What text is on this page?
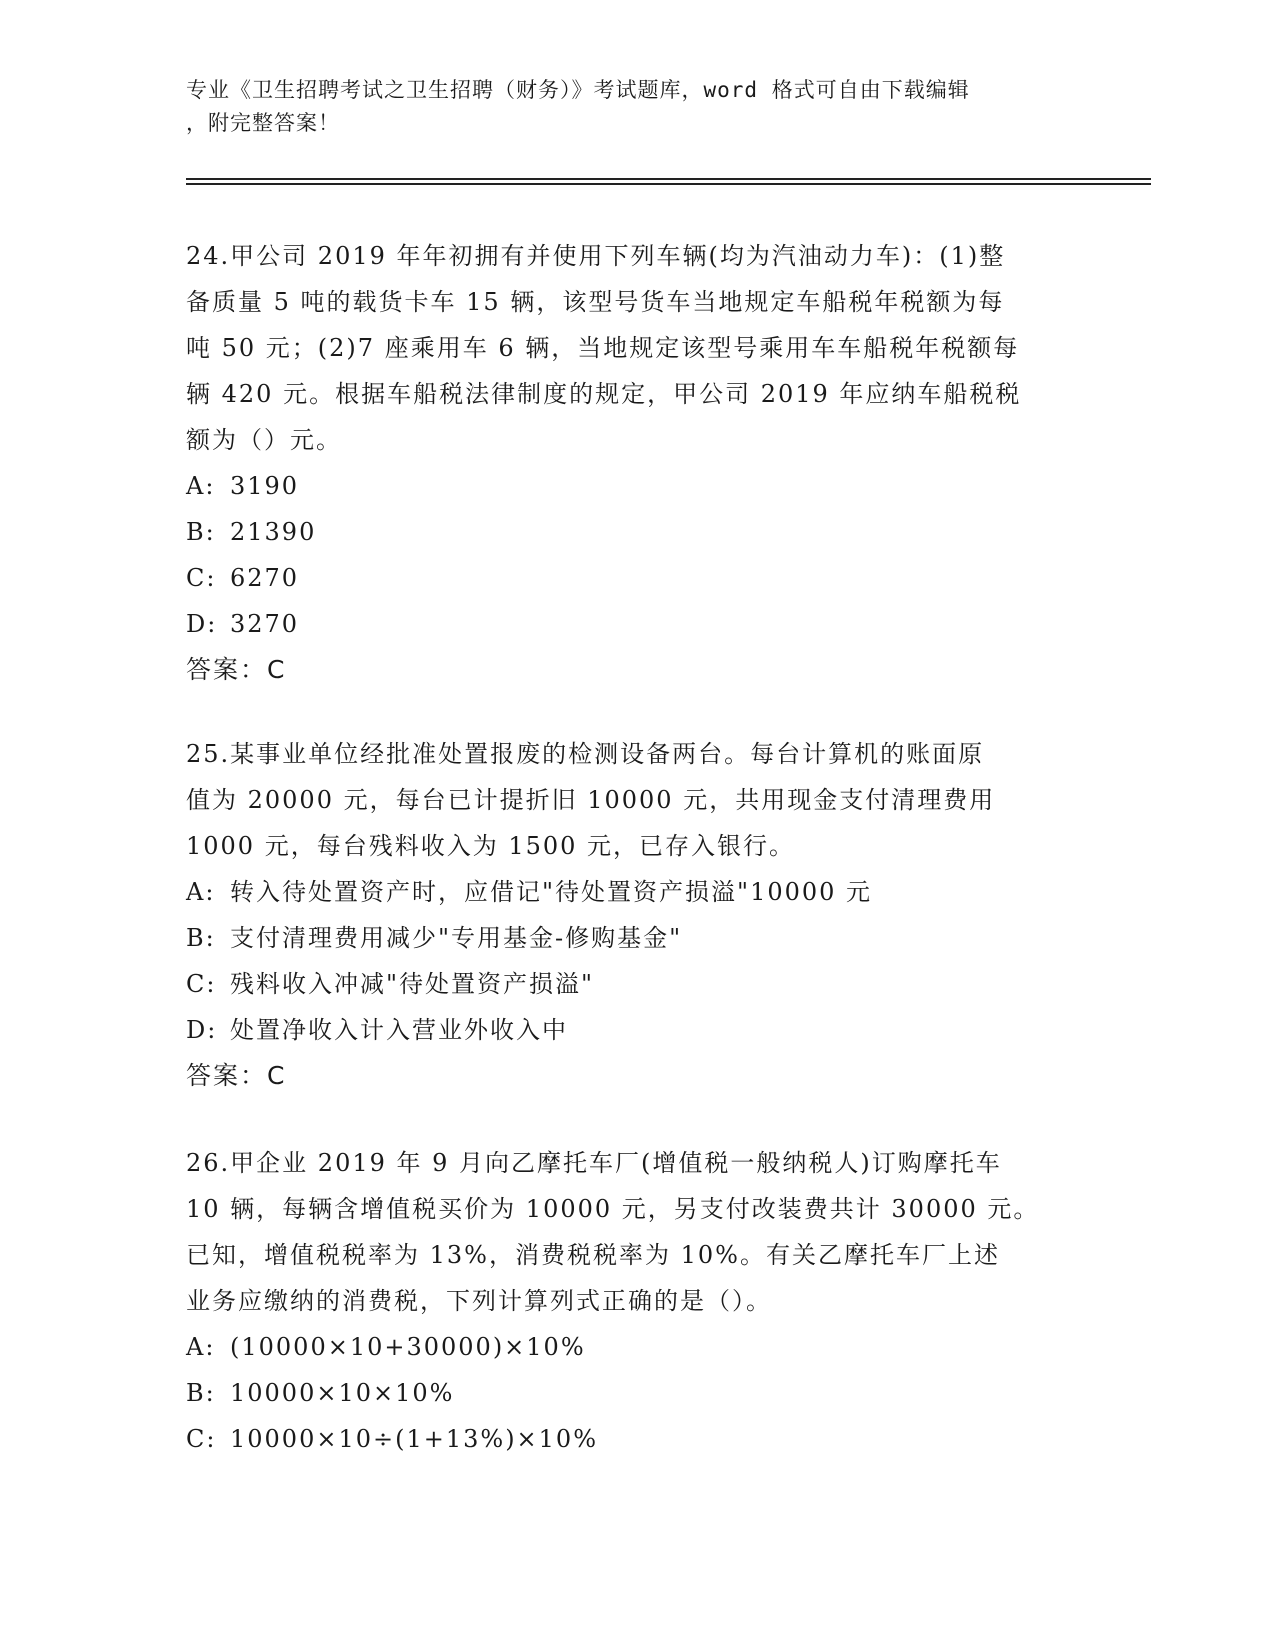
专业《卫生招聘考试之卫生招聘（财务）》考试题库，word 格式可自由下载编辑
，附完整答案！
24.甲公司 2019 年年初拥有并使用下列车辆(均为汽油动力车)：(1)整
备质量 5 吨的载货卡车 15 辆，该型号货车当地规定车船税年税额为每
吨 50 元；(2)7 座乘用车 6 辆，当地规定该型号乘用车车船税年税额每
辆 420 元。根据车船税法律制度的规定，甲公司 2019 年应纳车船税税
额为（）元。
A: 3190
B: 21390
C: 6270
D: 3270
答案：C
25.某事业单位经批准处置报废的检测设备两台。每台计算机的账面原
值为 20000 元，每台已计提折旧 10000 元，共用现金支付清理费用
1000 元，每台残料收入为 1500 元，已存入银行。
A: 转入待处置资产时，应借记"待处置资产损溢"10000 元
B: 支付清理费用减少"专用基金-修购基金"
C: 残料收入冲减"待处置资产损溢"
D: 处置净收入计入营业外收入中
答案：C
26.甲企业 2019 年 9 月向乙摩托车厂(增值税一般纳税人)订购摩托车
10 辆，每辆含增值税买价为 10000 元，另支付改装费共计 30000 元。
已知，增值税税率为 13%，消费税税率为 10%。有关乙摩托车厂上述
业务应缴纳的消费税，下列计算列式正确的是（）。
A: (10000×10+30000)×10%
B: 10000×10×10%
C: 10000×10÷(1+13%)×10%
